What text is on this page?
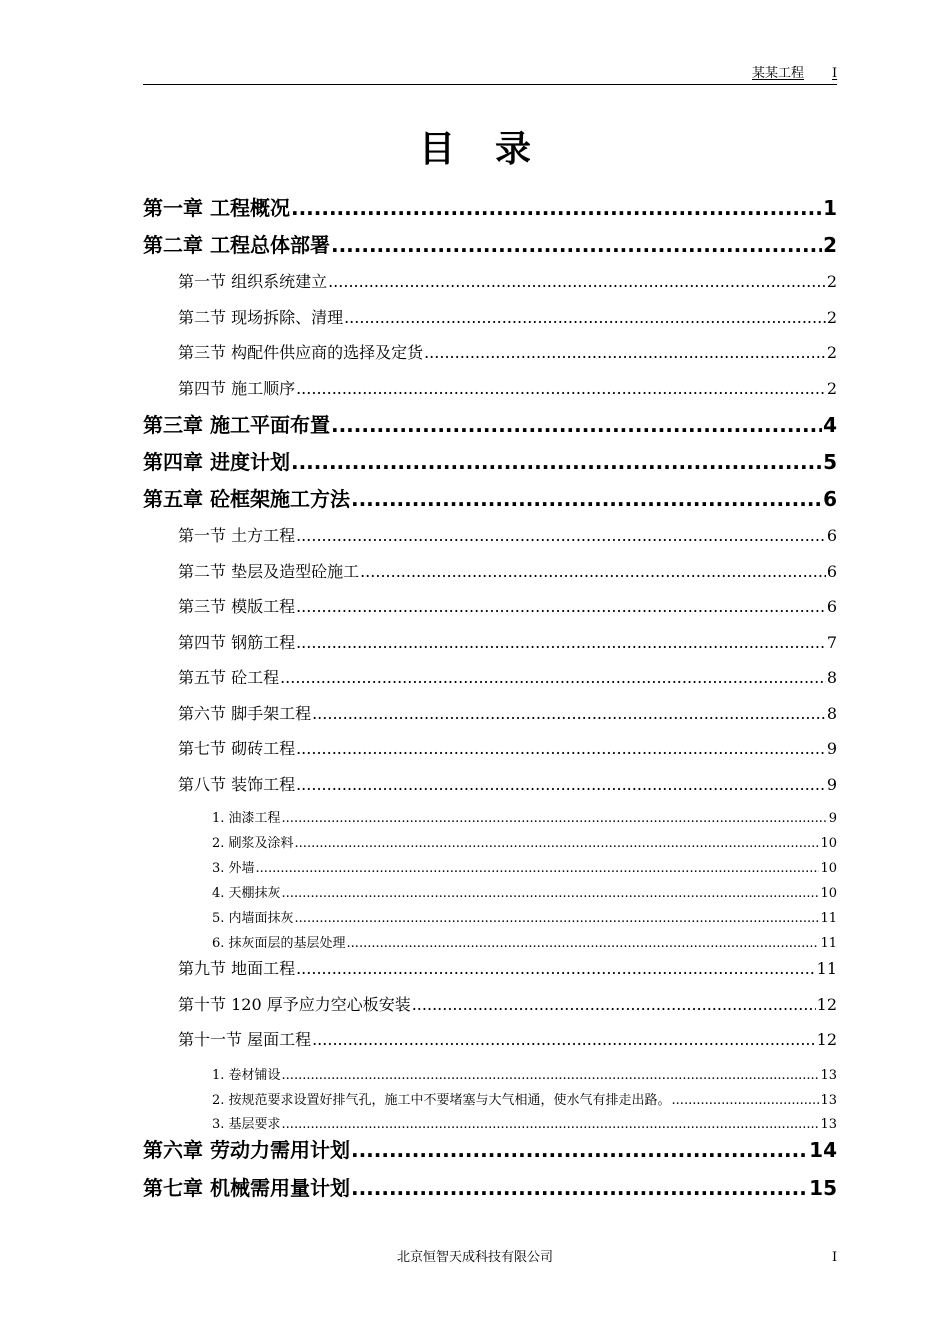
某某工程 I
目录
第一章 工程概况 .....	1
第二章 工程总体部署 .....	2
第一节 组织系统建立 .....	2
第二节 现场拆除、清理 .....	2
第三节 构配件供应商的选择及定货 .....	2
第四节 施工顺序 .....	2
第三章 施工平面布置 .....	4
第四章 进度计划 .....	5
第五章 砼框架施工方法 .....	6
第一节 土方工程 .....	6
第二节 垫层及造型砼施工 .....	6
第三节 模版工程 .....	6
第四节 钢筋工程 .....	7
第五节 砼工程 .....	8
第六节 脚手架工程 .....	8
第七节 砌砖工程 .....	9
第八节 装饰工程 .....	9
1. 油漆工程 .....	9
2. 刷浆及涂料 .....	10
3. 外墙 .....	10
4. 天棚抹灰 .....	10
5. 内墙面抹灰 .....	11
6. 抹灰面层的基层处理 .....	11
第九节 地面工程 .....	11
第十节 120 厚予应力空心板安装 .....	12
第十一节 屋面工程 .....	12
1. 卷材铺设 .....	13
2. 按规范要求设置好排气孔，施工中不要堵塞与大气相通，使水气有排走出路。 .....	13
3. 基层要求 .....	13
第六章 劳动力需用计划 .....	14
第七章 机械需用量计划 .....	15
北京恒智天成科技有限公司	I
